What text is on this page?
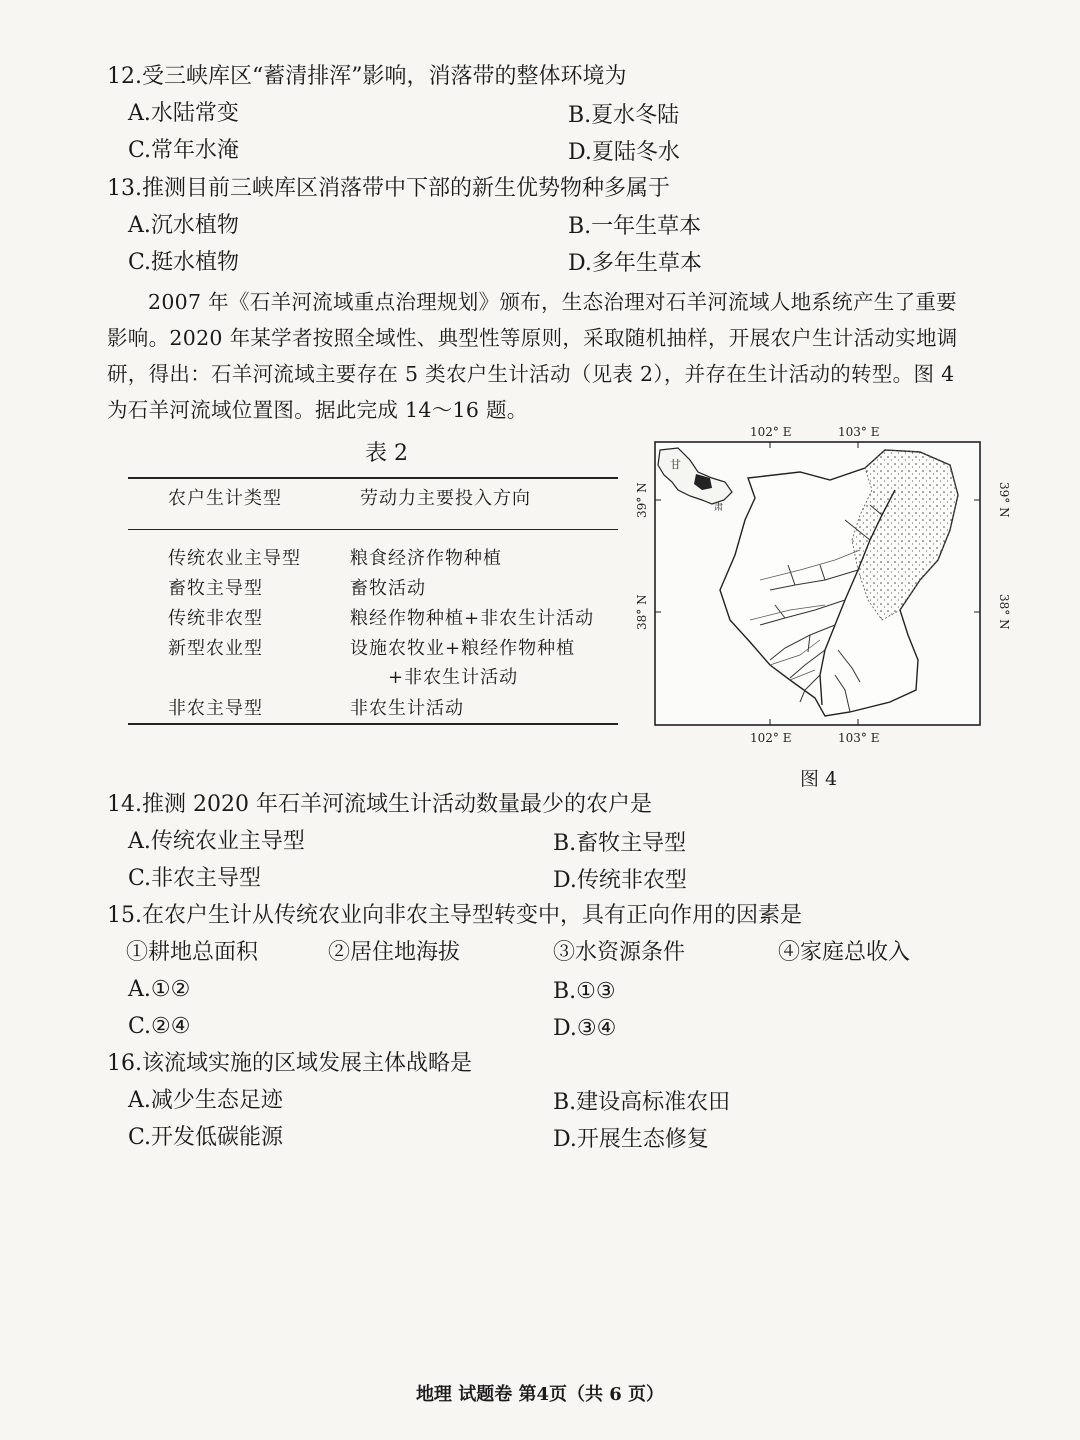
12.受三峡库区“蓄清排浑”影响，消落带的整体环境为
A.水陆常变	B.夏水冬陆
C.常年水淹	D.夏陆冬水
13.推测目前三峡库区消落带中下部的新生优势物种多属于
A.沉水植物	B.一年生草本
C.挺水植物	D.多年生草本
2007 年《石羊河流域重点治理规划》颁布，生态治理对石羊河流域人地系统产生了重要
影响。2020 年某学者按照全域性、典型性等原则，采取随机抽样，开展农户生计活动实地调
研，得出：石羊河流域主要存在 5 类农户生计活动（见表 2），并存在生计活动的转型。图 4
为石羊河流域位置图。据此完成 14～16 题。
表 2
农户生计类型	劳动力主要投入方向
传统农业主导型	粮食经济作物种植
畜牧主导型	畜牧活动
传统非农型	粮经作物种植+非农生计活动
新型农业型	设施农牧业+粮经作物种植
+非农生计活动
非农主导型	非农生计活动
甘
肃
102° E	103° E
102° E	103° E
39° N
38° N
39° N
38° N
图 4
14.推测 2020 年石羊河流域生计活动数量最少的农户是
A.传统农业主导型	B.畜牧主导型
C.非农主导型	D.传统非农型
15.在农户生计从传统农业向非农主导型转变中，具有正向作用的因素是
①耕地总面积	②居住地海拔	③水资源条件	④家庭总收入
A.①②	B.①③
C.②④	D.③④
16.该流域实施的区域发展主体战略是
A.减少生态足迹	B.建设高标准农田
C.开发低碳能源	D.开展生态修复
地理 试题卷 第4页（共 6 页）
